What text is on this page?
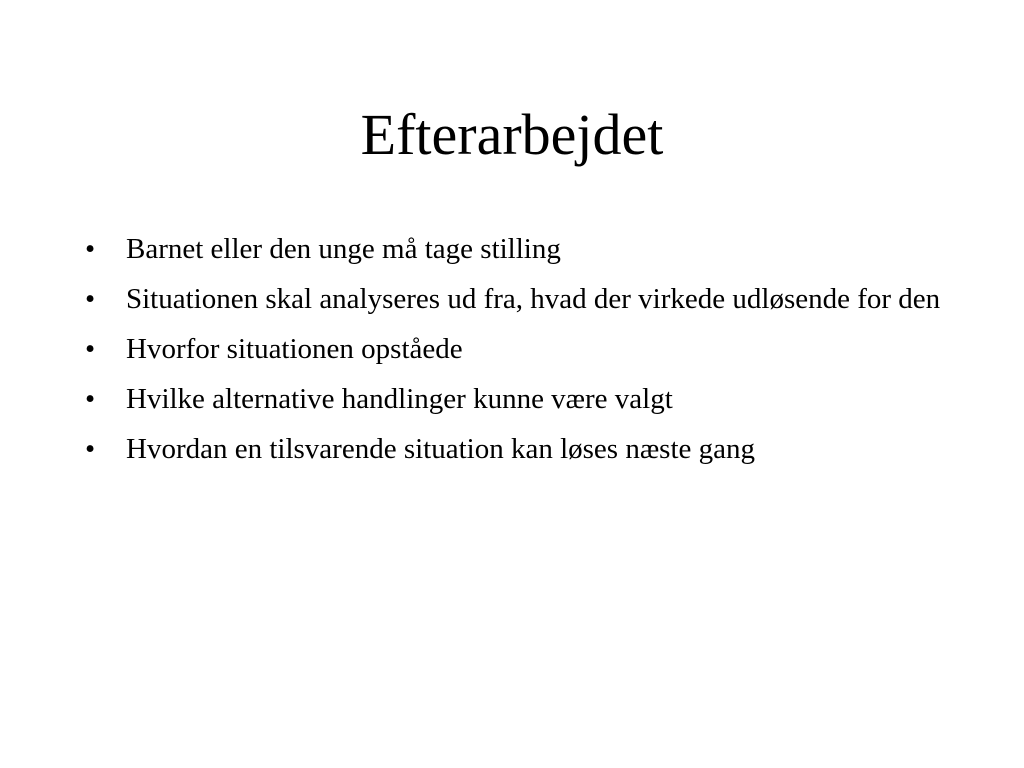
Efterarbejdet
•	Barnet eller den unge må tage stilling
•	Situationen skal analyseres ud fra, hvad der virkede udløsende for den
•	Hvorfor situationen opståede
•	Hvilke alternative handlinger kunne være valgt
•	Hvordan en tilsvarende situation kan løses næste gang
